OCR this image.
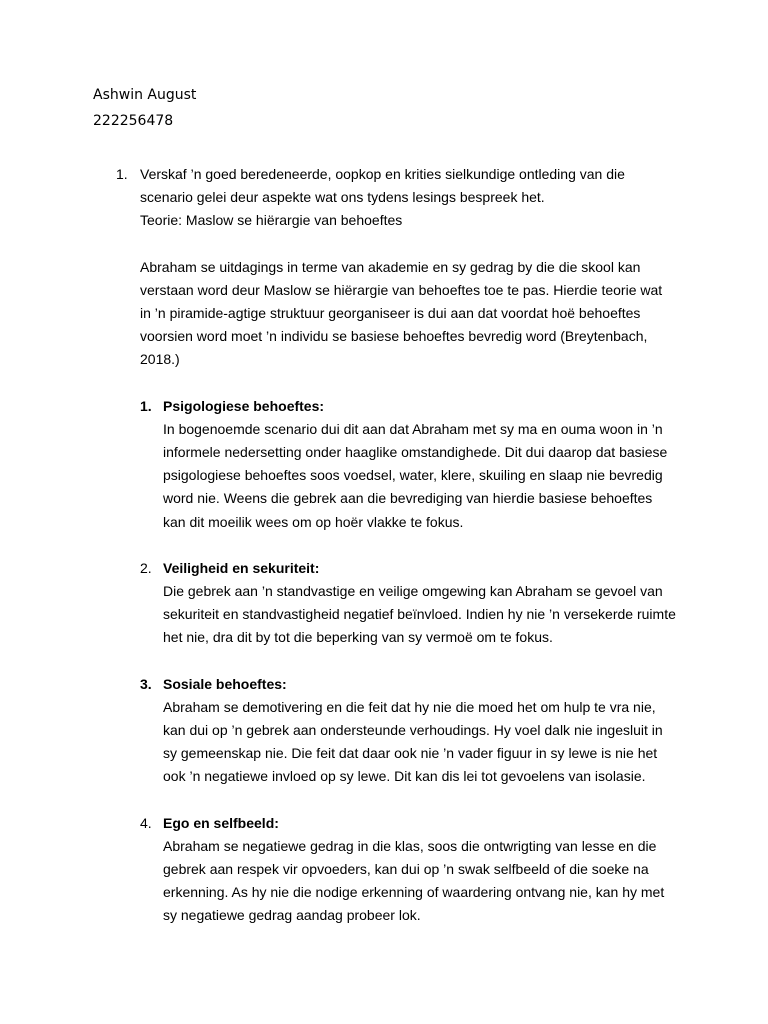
Ashwin August
222256478
1. Verskaf ’n goed beredeneerde, oopkop en krities sielkundige ontleding van die

scenario gelei deur aspekte wat ons tydens lesings bespreek het.

Teorie: Maslow se hiërargie van behoeftes

Abraham se uitdagings in terme van akademie en sy gedrag by die die skool kan verstaan word deur Maslow se hiërargie van behoeftes toe te pas. Hierdie teorie wat in ’n piramide-agtige struktuur georganiseer is dui aan dat voordat hoë behoeftes voorsien word moet ’n individu se basiese behoeftes bevredig word (Breytenbach, 2018.)

1. Psigologiese behoeftes:
In bogenoemde scenario dui dit aan dat Abraham met sy ma en ouma woon in ’n informele nedersetting onder haaglike omstandighede. Dit dui daarop dat basiese psigologiese behoeftes soos voedsel, water, klere, skuiling en slaap nie bevredig word nie. Weens die gebrek aan die bevrediging van hierdie basiese behoeftes kan dit moeilik wees om op hoër vlakke te fokus.
2. Veiligheid en sekuriteit:
Die gebrek aan ’n standvastige en veilige omgewing kan Abraham se gevoel van sekuriteit en standvastigheid negatief beïnvloed. Indien hy nie ’n versekerde ruimte het nie, dra dit by tot die beperking van sy vermoë om te fokus.
3. Sosiale behoeftes:
Abraham se demotivering en die feit dat hy nie die moed het om hulp te vra nie, kan dui op ’n gebrek aan ondersteunde verhoudings. Hy voel dalk nie ingesluit in sy gemeenskap nie. Die feit dat daar ook nie ’n vader figuur in sy lewe is nie het ook ’n negatiewe invloed op sy lewe. Dit kan dis lei tot gevoelens van isolasie.
4. Ego en selfbeeld:
Abraham se negatiewe gedrag in die klas, soos die ontwrigting van lesse en die gebrek aan respek vir opvoeders, kan dui op ’n swak selfbeeld of die soeke na erkenning. As hy nie die nodige erkenning of waardering ontvang nie, kan hy met sy negatiewe gedrag aandag probeer lok.
